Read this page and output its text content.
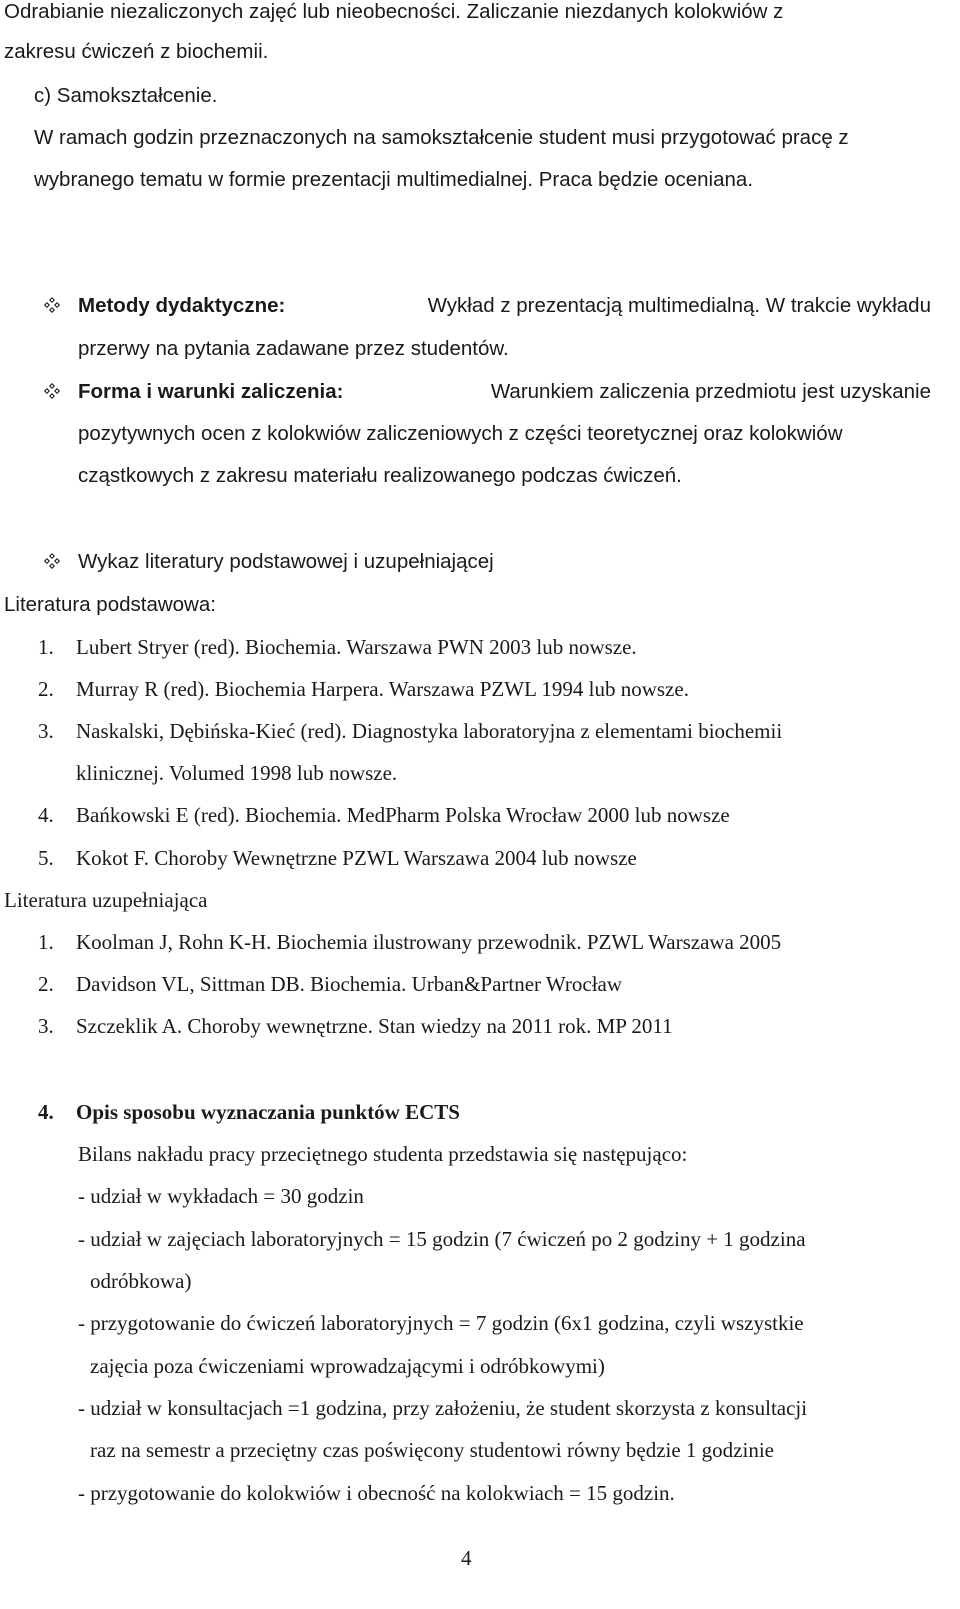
Odrabianie niezaliczonych zajęć lub nieobecności. Zaliczanie niezdanych kolokwiów z
zakresu ćwiczeń z biochemii.
c) Samokształcenie.
W ramach godzin przeznaczonych na samokształcenie student musi przygotować pracę z
wybranego tematu w formie prezentacji multimedialnej. Praca będzie oceniana.
Metody dydaktyczne:	Wykład z prezentacją multimedialną. W trakcie wykładu
przerwy na pytania zadawane przez studentów.
Forma i warunki zaliczenia:	Warunkiem zaliczenia przedmiotu jest uzyskanie
pozytywnych ocen z kolokwiów zaliczeniowych z części teoretycznej oraz kolokwiów
cząstkowych z zakresu materiału realizowanego podczas ćwiczeń.
Wykaz literatury podstawowej i uzupełniającej
Literatura podstawowa:
1. Lubert Stryer (red). Biochemia. Warszawa PWN 2003 lub nowsze.
2. Murray R (red). Biochemia Harpera. Warszawa PZWL 1994 lub nowsze.
3. Naskalski, Dębińska-Kieć (red). Diagnostyka laboratoryjna z elementami biochemii
klinicznej. Volumed 1998 lub nowsze.
4. Bańkowski E (red). Biochemia. MedPharm Polska Wrocław 2000 lub nowsze
5. Kokot F. Choroby Wewnętrzne PZWL Warszawa 2004 lub nowsze
Literatura uzupełniająca
1. Koolman J, Rohn K-H. Biochemia ilustrowany przewodnik. PZWL Warszawa 2005
2. Davidson VL, Sittman DB. Biochemia. Urban&Partner Wrocław
3. Szczeklik A. Choroby wewnętrzne. Stan wiedzy na 2011 rok. MP 2011
4. Opis sposobu wyznaczania punktów ECTS
Bilans nakładu pracy przeciętnego studenta przedstawia się następująco:
- udział w wykładach = 30 godzin
- udział w zajęciach laboratoryjnych = 15 godzin (7 ćwiczeń po 2 godziny + 1 godzina
odróbkowa)
- przygotowanie do ćwiczeń laboratoryjnych = 7 godzin (6x1 godzina, czyli wszystkie
zajęcia poza ćwiczeniami wprowadzającymi i odróbkowymi)
- udział w konsultacjach =1 godzina, przy założeniu, że student skorzysta z konsultacji
raz na semestr a przeciętny czas poświęcony studentowi równy będzie 1 godzinie
- przygotowanie do kolokwiów i obecność na kolokwiach = 15 godzin.
4
